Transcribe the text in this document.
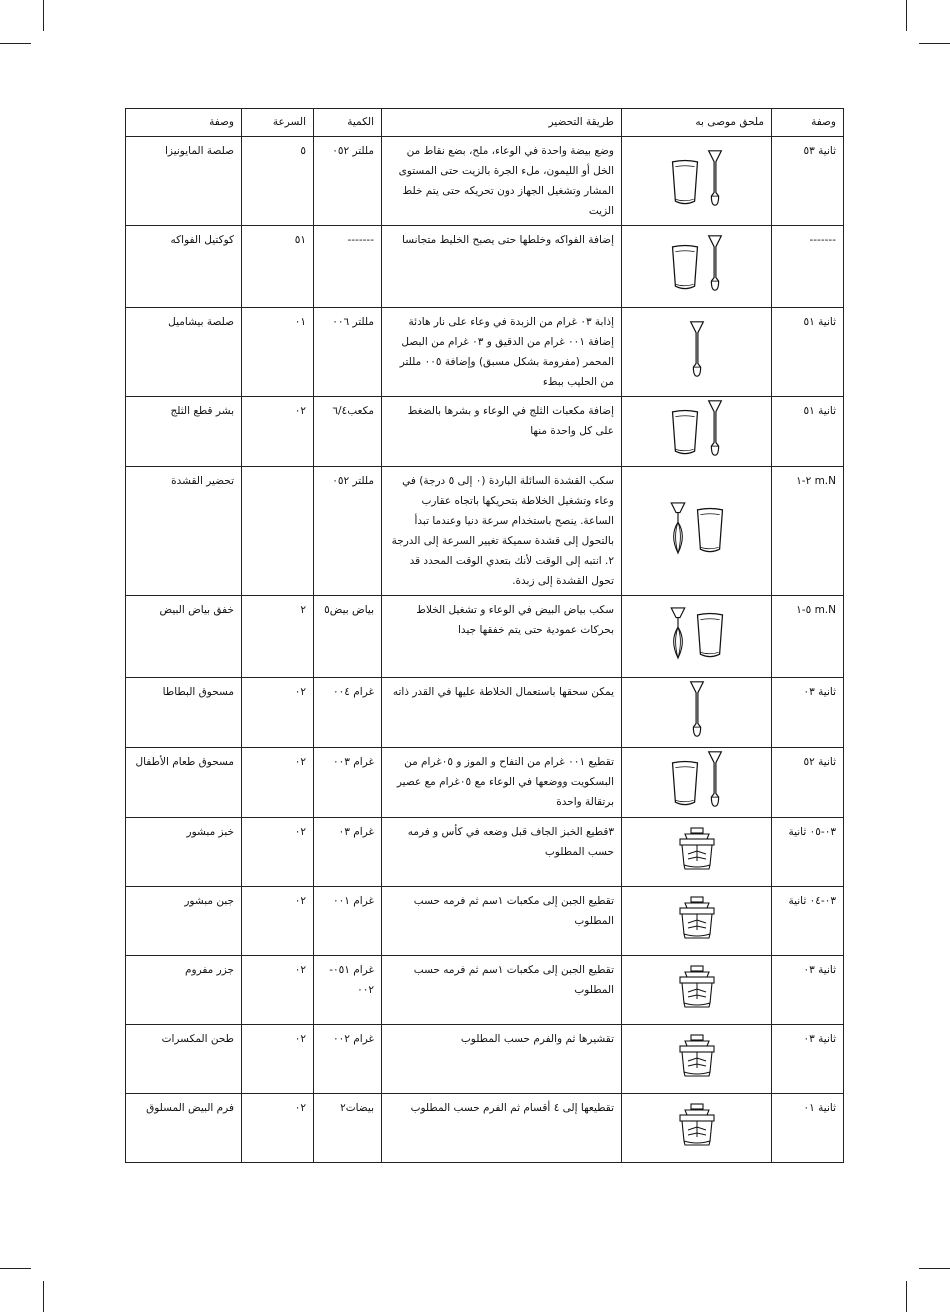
وصفة	ملحق موصى به	طريقة التحضير	الكمية	السرعة	وصفة
ثانية ٥٣		وضع بيضة واحدة في الوعاء، ملح، بضع نقاط من الخل أو الليمون، ملء الجرة بالزيت حتى المستوى المشار وتشغيل الجهاز دون تحريكه حتى يتم خلط الزيت	مللتر ٠٥٢	٥	صلصة المايونيزا
-------		إضافة الفواكه وخلطها حتى يصبح الخليط متجانسا	-------	٥١	كوكتيل الفواكه
ثانية ٥١		إذابة ٠٣ غرام من الزبدة في وعاء على نار هادئة إضافة ٠٠١ غرام من الدقيق و ٠٣ غرام من البصل المحمر (مفرومة بشكل مسبق) وإضافة ٠٠٥ مللتر من الحليب ببطء	مللتر ٠٠٦	٠١	صلصة بيشاميل
ثانية ٥١		إضافة مكعبات الثلج في الوعاء و بشرها بالضغط على كل واحدة منها	مكعب٦/٤	٠٢	بشر قطع الثلج
m.N ٢-١		سكب القشدة السائلة الباردة (٠ إلى ٥ درجة) في وعاء وتشغيل الخلاطة بتحريكها باتجاه عقارب الساعة. ينصح باستخدام سرعة دنيا وعندما تبدأ بالتحول إلى قشدة سميكة تغيير السرعة إلى الدرجة ٢. انتبه إلى الوقت لأنك بتعدي الوقت المحدد قد تحول القشدة إلى زبدة.	مللتر ٠٥٢		تحضير القشدة
m.N ٥-١		سكب بياض البيض في الوعاء و تشغيل الخلاط بحركات عمودية حتى يتم خفقها جيدا	بياض بيض٥	٢	خفق بياض البيض
ثانية ٠٣		يمكن سحقها باستعمال الخلاطة عليها في القدر ذاته	غرام ٠٠٤	٠٢	مسحوق البطاطا
ثانية ٥٢		تقطيع ٠٠١ غرام من التفاح و الموز و ٠٥غرام من البسكويت ووضعها في الوعاء مع ٠٥غرام مع عصير برتقالة واحدة	غرام ٠٠٣	٠٢	مسحوق طعام الأطفال
٠٣-٠٥ ثانية		٣قطيع الخبز الجاف قبل وضعه في كأس و فرمه حسب المطلوب	غرام ٠٣	٠٢	خبز مبشور
٠٣-٠٤ ثانية		تقطيع الجبن إلى مكعبات ١سم ثم فرمه حسب المطلوب	غرام ٠٠١	٠٢	جبن مبشور
ثانية ٠٣		تقطيع الجبن إلى مكعبات ١سم ثم فرمه حسب المطلوب	غرام ٠٥١- ٠٠٢	٠٢	جزر مفروم
ثانية ٠٣		تقشيرها ثم والفرم حسب المطلوب	غرام ٠٠٢	٠٢	طحن المكسرات
ثانية ٠١		تقطيعها إلى ٤ أقسام ثم الفرم حسب المطلوب	بيضات٢	٠٢	فرم البيض المسلوق
